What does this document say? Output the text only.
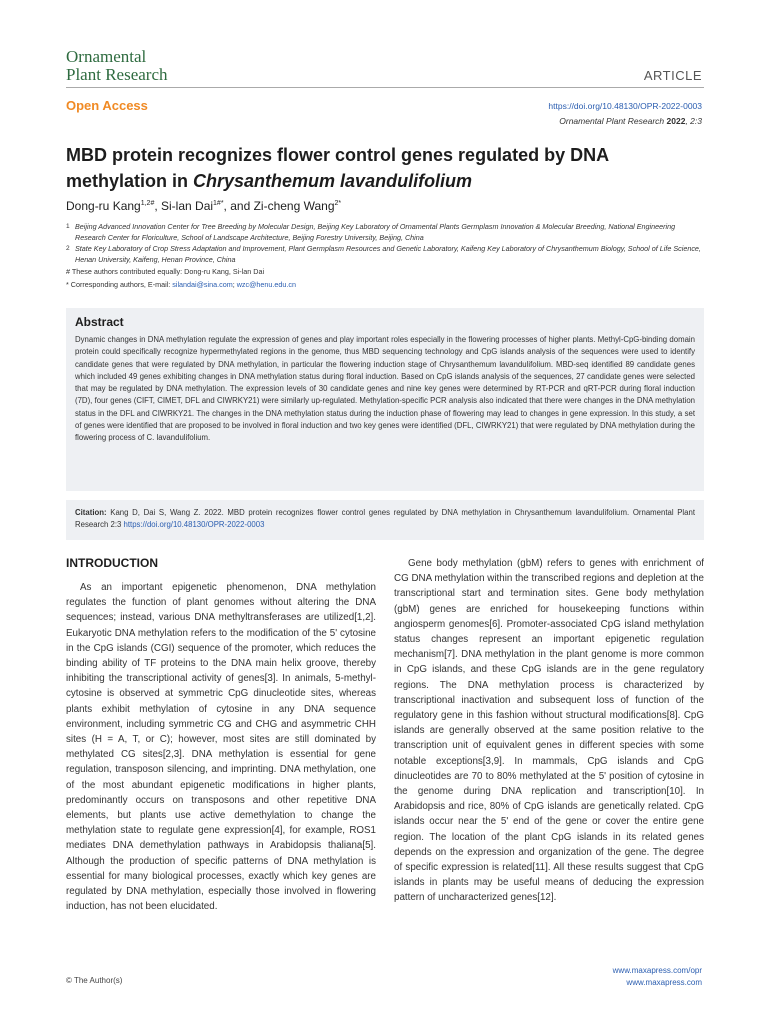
Ornamental
Plant Research	ARTICLE
Open Access	https://doi.org/10.48130/OPR-2022-0003
Ornamental Plant Research 2022, 2:3
MBD protein recognizes flower control genes regulated by DNA methylation in Chrysanthemum lavandulifolium
Dong-ru Kang$^{1,2\#}$, Si-lan Dai$^{1\#*}$, and Zi-cheng Wang$^{2*}$
1 Beijing Advanced Innovation Center for Tree Breeding by Molecular Design, Beijing Key Laboratory of Ornamental Plants Germplasm Innovation & Molecular Breeding, National Engineering Research Center for Floriculture, School of Landscape Architecture, Beijing Forestry University, Beijing, China
2 State Key Laboratory of Crop Stress Adaptation and Improvement, Plant Germplasm Resources and Genetic Laboratory, Kaifeng Key Laboratory of Chrysanthemum Biology, School of Life Science, Henan University, Kaifeng, Henan Province, China
# These authors contributed equally: Dong-ru Kang, Si-lan Dai
* Corresponding authors, E-mail: silandai@sina.com; wzc@henu.edu.cn
Abstract
Dynamic changes in DNA methylation regulate the expression of genes and play important roles especially in the flowering processes of higher plants. Methyl-CpG-binding domain protein could specifically recognize hypermethylated regions in the genome, thus MBD sequencing technology and CpG islands analysis of the sequences were used to identify candidate genes that were regulated by DNA methylation, in particular the flowering induction stage of Chrysanthemum lavandulifolium. MBD-seq identified 89 candidate genes which included 49 genes exhibiting changes in DNA methylation status during floral induction. Based on CpG islands analysis of the sequences, 27 candidate genes were selected that may be regulated by DNA methylation. The expression levels of 30 candidate genes and nine key genes were determined by RT-PCR and qRT-PCR during floral induction (7D), four genes (CIFT, CIMET, DFL and CIWRKY21) were similarly up-regulated. Methylation-specific PCR analysis also indicated that there were changes in the DNA methylation status in the DFL and CIWRKY21. The changes in the DNA methylation status during the induction phase of flowering may lead to changes in gene expression. In this study, a set of genes were identified that are proposed to be involved in floral induction and two key genes were identified (DFL, CIWRKY21) that were regulated by DNA methylation during the flowering process of C. lavandulifolium.
Citation: Kang D, Dai S, Wang Z. 2022. MBD protein recognizes flower control genes regulated by DNA methylation in Chrysanthemum lavandulifolium. Ornamental Plant Research 2:3 https://doi.org/10.48130/OPR-2022-0003
INTRODUCTION

As an important epigenetic phenomenon, DNA methylation regulates the function of plant genomes without altering the DNA sequences; instead, various DNA methyltransferases are utilized[1,2]. Eukaryotic DNA methylation refers to the modification of the 5' cytosine in the CpG islands (CGI) sequence of the promoter, which reduces the binding ability of TF proteins to the DNA main helix groove, thereby inhibiting the transcriptional activity of genes[3]. In animals, 5-methyl-cytosine is observed at symmetric CpG dinucleotide sites, whereas plants exhibit methylation of cytosine in any DNA sequence environment, including symmetric CG and CHG and asymmetric CHH sites (H = A, T, or C); however, most sites are still dominated by methylated CG sites[2,3]. DNA methylation is essential for gene regulation, transposon silencing, and imprinting. DNA methylation, one of the most abundant epigenetic modifications in higher plants, predominantly occurs on transposons and other repetitive DNA elements, but plants use active demethylation to change the methylation state to regulate gene expression[4], for example, ROS1 mediates DNA demethylation pathways in Arabidopsis thaliana[5]. Although the production of specific patterns of DNA methylation is essential for many biological processes, exactly which key genes are regulated by DNA methylation, especially those involved in flowering induction, has not been elucidated.

Gene body methylation (gbM) refers to genes with enrichment of CG DNA methylation within the transcribed regions and depletion at the transcriptional start and termination sites. Gene body methylation (gbM) genes are enriched for housekeeping functions within angiosperm genomes[6]. Promoter-associated CpG island methylation status changes represent an important epigenetic regulation mechanism[7]. DNA methylation in the plant genome is more common in CpG islands, and these CpG islands are in the gene regulatory regions. The DNA methylation process is characterized by transcriptional inactivation and subsequent loss of function of the regulatory gene in this fashion without structural modifications[8]. CpG islands are generally observed at the same position relative to the transcription unit of equivalent genes in different species with some notable exceptions[3,9]. In mammals, CpG islands and CpG dinucleotides are 70 to 80% methylated at the 5' position of cytosine in the genome during DNA replication and transcription[10]. In Arabidopsis and rice, 80% of CpG islands are genetically related. CpG islands occur near the 5' end of the gene or cover the entire gene region. The location of the plant CpG islands in its related genes depends on the expression and organization of the gene. The degree of specific expression is related[11]. All these results suggest that CpG islands in plants may be useful means of deducing the expression pattern of uncharacterized genes[12].

© The Author(s)
www.maxapress.com/opr
www.maxapress.com
